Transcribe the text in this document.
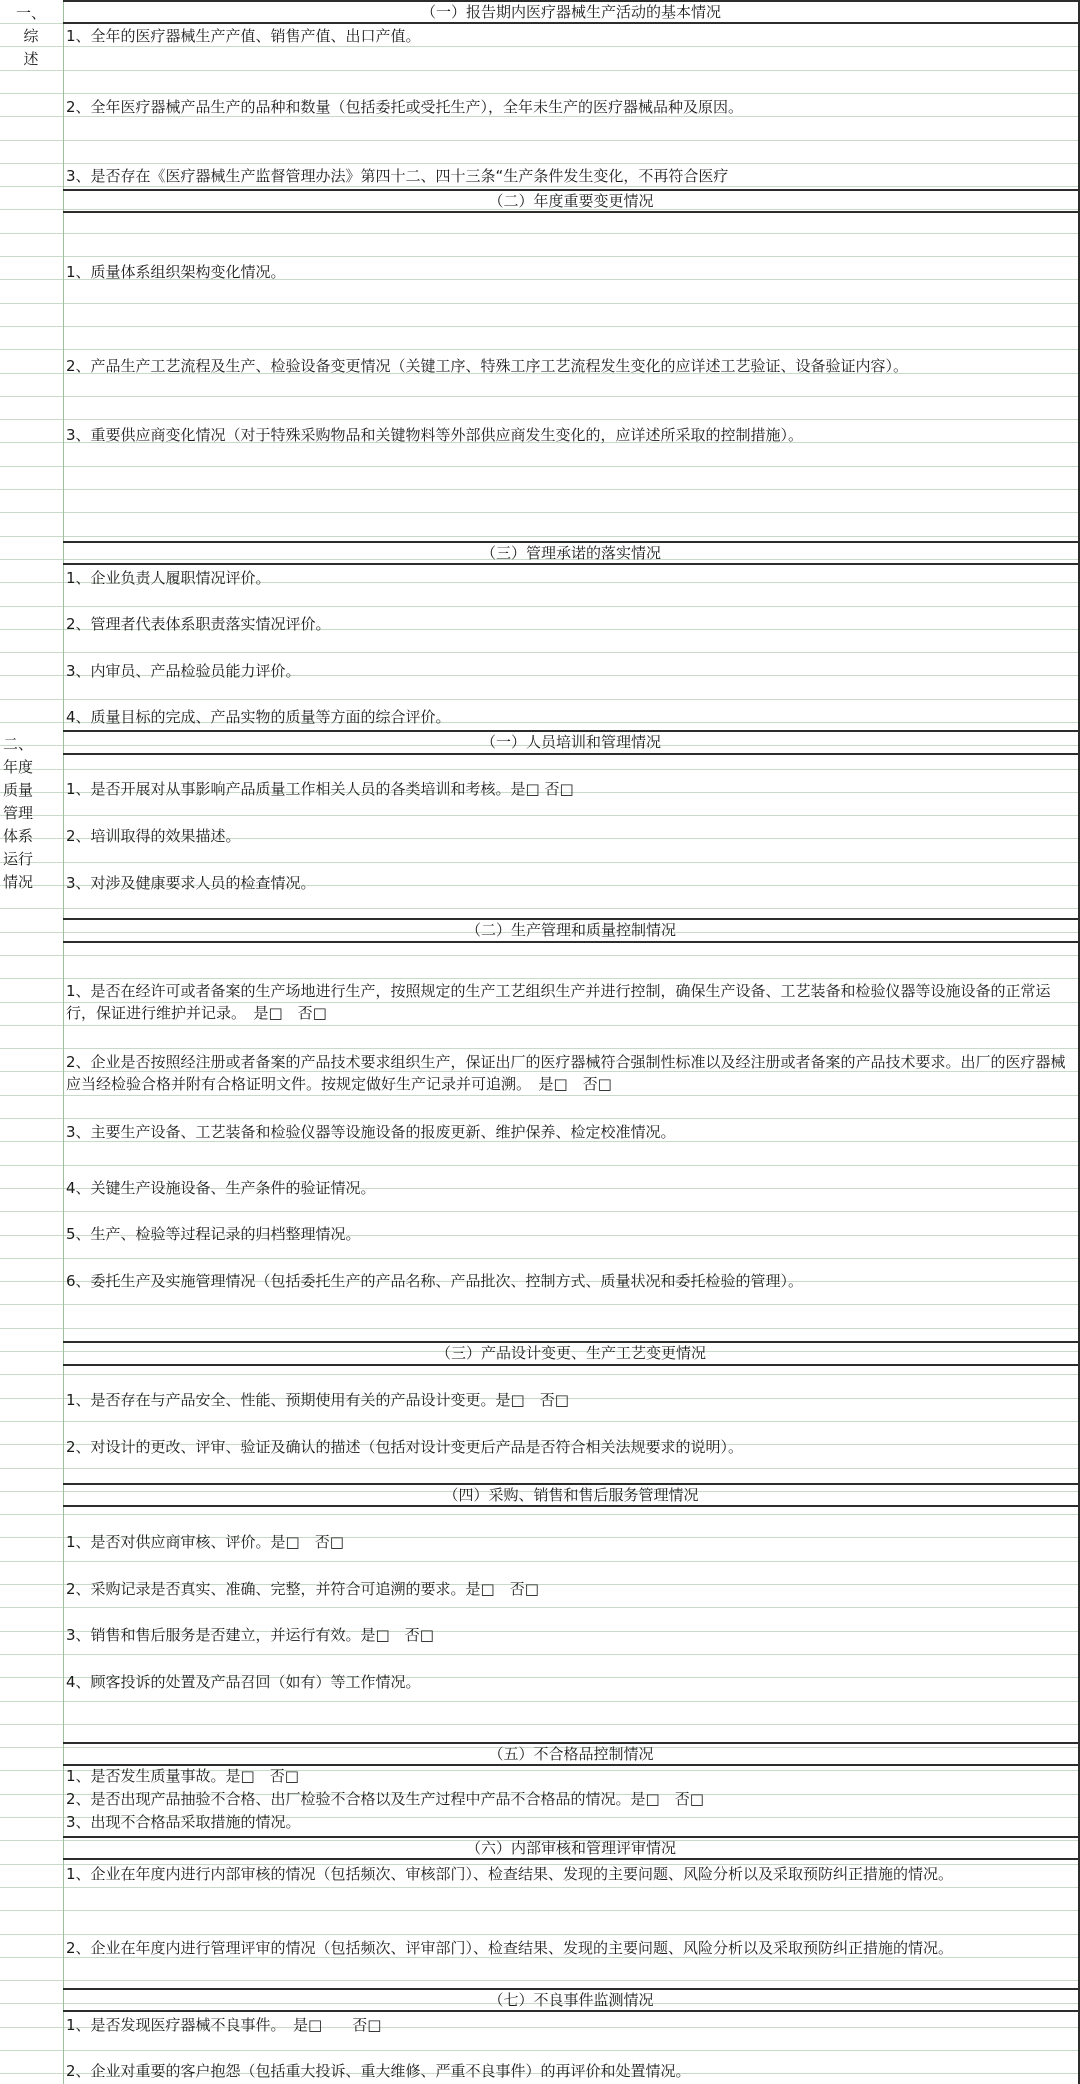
一、
综
述
二、
年度
质量
管理
体系
运行
情况
（一）报告期内医疗器械生产活动的基本情况
1、全年的医疗器械生产产值、销售产值、出口产值。
2、全年医疗器械产品生产的品种和数量（包括委托或受托生产），全年未生产的医疗器械品种及原因。
3、是否存在《医疗器械生产监督管理办法》第四十二、四十三条“生产条件发生变化，不再符合医疗
（二）年度重要变更情况
1、质量体系组织架构变化情况。
2、产品生产工艺流程及生产、检验设备变更情况（关键工序、特殊工序工艺流程发生变化的应详述工艺验证、设备验证内容）。
3、重要供应商变化情况（对于特殊采购物品和关键物料等外部供应商发生变化的，应详述所采取的控制措施）。
（三）管理承诺的落实情况
1、企业负责人履职情况评价。
2、管理者代表体系职责落实情况评价。
3、内审员、产品检验员能力评价。
4、质量目标的完成、产品实物的质量等方面的综合评价。
（一）人员培训和管理情况
1、是否开展对从事影响产品质量工作相关人员的各类培训和考核。是□ 否□
2、培训取得的效果描述。
3、对涉及健康要求人员的检查情况。
（二）生产管理和质量控制情况
1、是否在经许可或者备案的生产场地进行生产，按照规定的生产工艺组织生产并进行控制，确保生产设备、工艺装备和检验仪器等设施设备的正常运行，保证进行维护并记录。　是□　否□
2、企业是否按照经注册或者备案的产品技术要求组织生产，保证出厂的医疗器械符合强制性标准以及经注册或者备案的产品技术要求。出厂的医疗器械应当经检验合格并附有合格证明文件。按规定做好生产记录并可追溯。　是□　否□
3、主要生产设备、工艺装备和检验仪器等设施设备的报废更新、维护保养、检定校准情况。
4、关键生产设施设备、生产条件的验证情况。
5、生产、检验等过程记录的归档整理情况。
6、委托生产及实施管理情况（包括委托生产的产品名称、产品批次、控制方式、质量状况和委托检验的管理）。
（三）产品设计变更、生产工艺变更情况
1、是否存在与产品安全、性能、预期使用有关的产品设计变更。是□　否□
2、对设计的更改、评审、验证及确认的描述（包括对设计变更后产品是否符合相关法规要求的说明）。
（四）采购、销售和售后服务管理情况
1、是否对供应商审核、评价。是□　否□
2、采购记录是否真实、准确、完整，并符合可追溯的要求。是□　否□
3、销售和售后服务是否建立，并运行有效。是□　否□
4、顾客投诉的处置及产品召回（如有）等工作情况。
（五）不合格品控制情况
1、是否发生质量事故。是□　否□
2、是否出现产品抽验不合格、出厂检验不合格以及生产过程中产品不合格品的情况。是□　否□
3、出现不合格品采取措施的情况。
（六）内部审核和管理评审情况
1、企业在年度内进行内部审核的情况（包括频次、审核部门）、检查结果、发现的主要问题、风险分析以及采取预防纠正措施的情况。
2、企业在年度内进行管理评审的情况（包括频次、评审部门）、检查结果、发现的主要问题、风险分析以及采取预防纠正措施的情况。
（七）不良事件监测情况
1、是否发现医疗器械不良事件。　是□　　否□
2、企业对重要的客户抱怨（包括重大投诉、重大维修、严重不良事件）的再评价和处置情况。
